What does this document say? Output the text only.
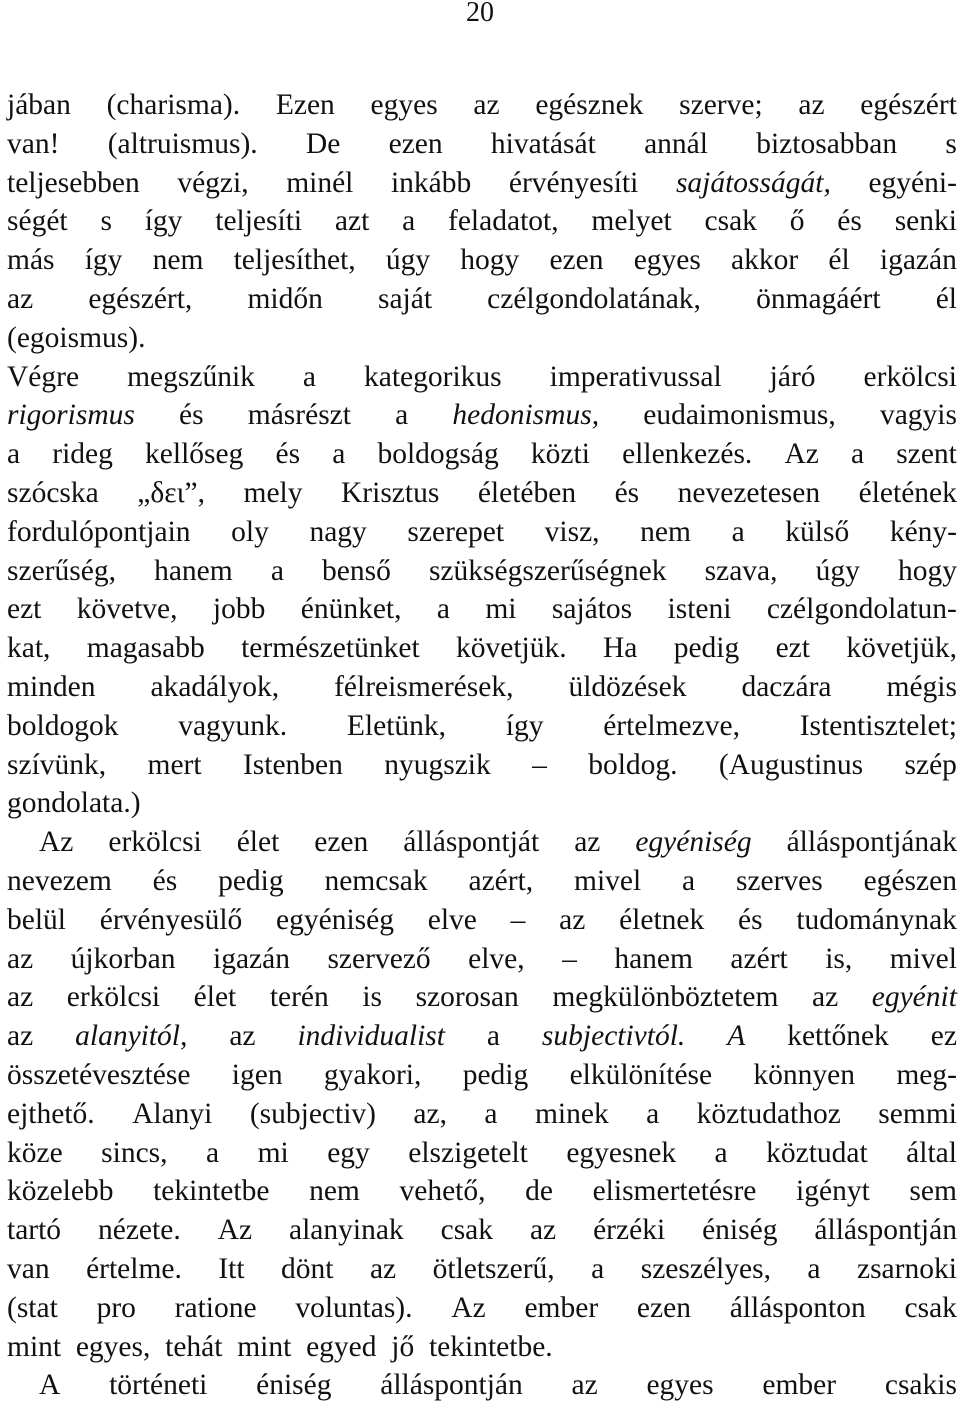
20
jában (charisma). Ezen egyes az egésznek szerve; az egészért
van! (altruismus). De ezen hivatását annál biztosabban s
teljesebben végzi, minél inkább érvényesíti sajátosságát, egyéni-
ségét s így teljesíti azt a feladatot, melyet csak ő és senki
más így nem teljesíthet, úgy hogy ezen egyes akkor él igazán
az egészért, midőn saját czélgondolatának, önmagáért él
(egoismus).
Végre megszűnik a kategorikus imperativussal járó erkölcsi
rigorismus és másrészt a hedonismus, eudaimonismus, vagyis
a rideg kellőseg és a boldogság közti ellenkezés. Az a szent
szócska „δει”, mely Krisztus életében és nevezetesen életének
fordulópontjain oly nagy szerepet visz, nem a külső kény-
szerűség, hanem a benső szükségszerűségnek szava, úgy hogy
ezt követve, jobb énünket, a mi sajátos isteni czélgondolatun-
kat, magasabb természetünket követjük. Ha pedig ezt követjük,
minden akadályok, félreismerések, üldözések daczára mégis
boldogok vagyunk. Eletünk, így értelmezve, Istentisztelet;
szívünk, mert Istenben nyugszik – boldog. (Augustinus szép
gondolata.)
Az erkölcsi élet ezen álláspontját az egyéniség álláspontjának
nevezem és pedig nemcsak azért, mivel a szerves egészen
belül érvényesülő egyéniség elve – az életnek és tudománynak
az újkorban igazán szervező elve, – hanem azért is, mivel
az erkölcsi élet terén is szorosan megkülönböztetem az egyénit
az alanyitól, az individualist a subjectivtól. A kettőnek ez
összetévesztése igen gyakori, pedig elkülönítése könnyen meg-
ejthető. Alanyi (subjectiv) az, a minek a köztudathoz semmi
köze sincs, a mi egy elszigetelt egyesnek a köztudat által
közelebb tekintetbe nem vehető, de elismertetésre igényt sem
tartó nézete. Az alanyinak csak az érzéki éniség álláspontján
van értelme. Itt dönt az ötletszerű, a szeszélyes, a zsarnoki
(stat pro ratione voluntas). Az ember ezen állásponton csak
mint egyes, tehát mint egyed jő tekintetbe.
A történeti éniség álláspontján az egyes ember csakis
